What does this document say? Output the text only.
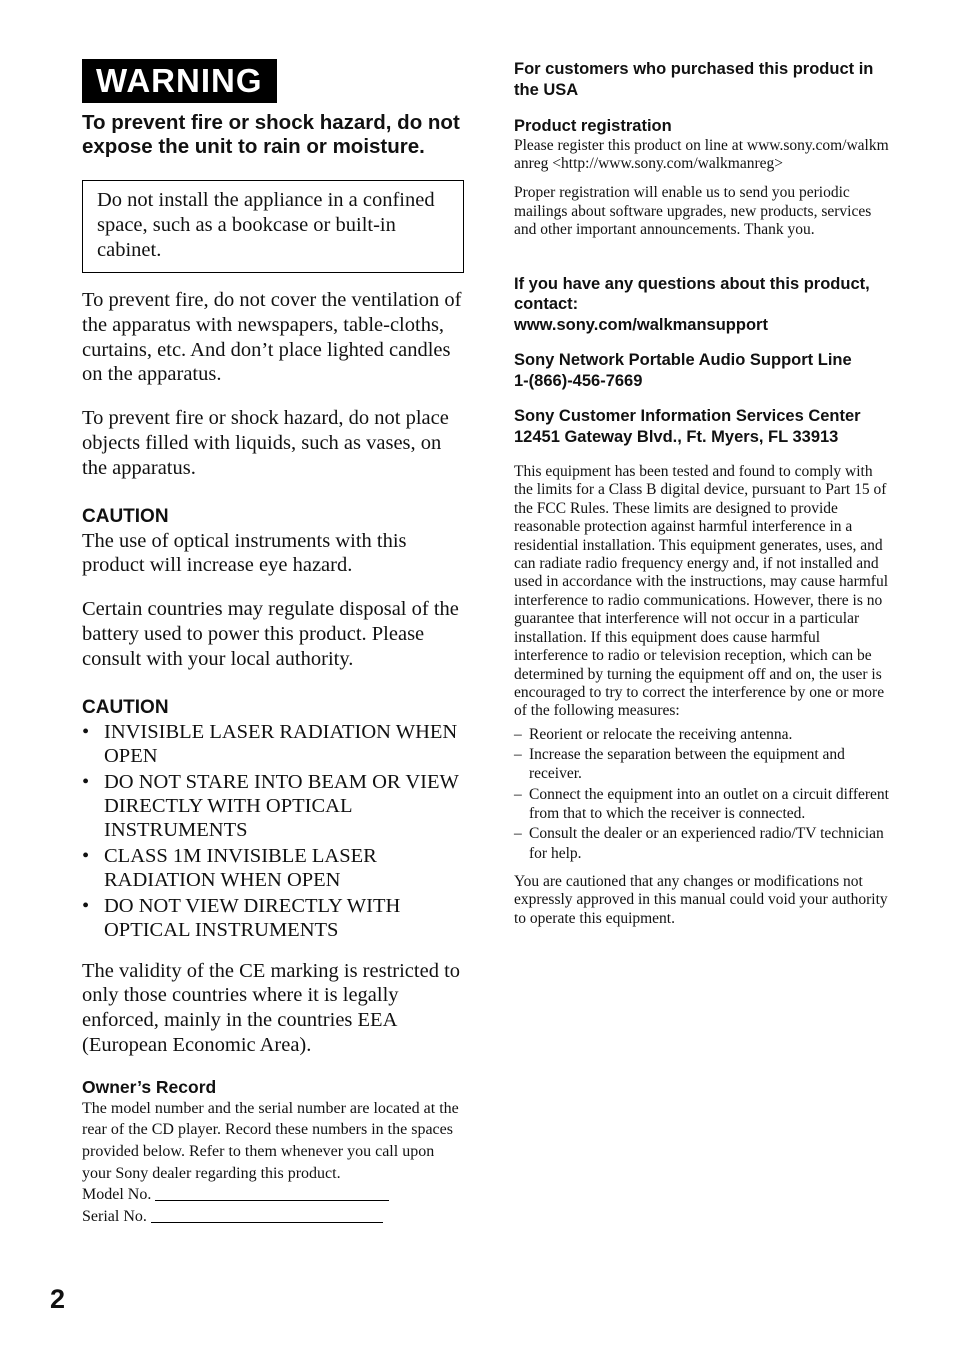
WARNING
To prevent fire or shock hazard, do not expose the unit to rain or moisture.
Do not install the appliance in a confined space, such as a bookcase or built-in cabinet.

To prevent fire, do not cover the ventilation of the apparatus with newspapers, table-cloths, curtains, etc. And don’t place lighted candles on the apparatus.

To prevent fire or shock hazard, do not place objects filled with liquids, such as vases, on the apparatus.

CAUTION

The use of optical instruments with this product will increase eye hazard.

Certain countries may regulate disposal of the battery used to power this product. Please consult with your local authority.

CAUTION

• INVISIBLE LASER RADIATION WHEN OPEN
• DO NOT STARE INTO BEAM OR VIEW DIRECTLY WITH OPTICAL INSTRUMENTS
• CLASS 1M INVISIBLE LASER RADIATION WHEN OPEN
• DO NOT VIEW DIRECTLY WITH OPTICAL INSTRUMENTS

The validity of the CE marking is restricted to only those countries where it is legally enforced, mainly in the countries EEA (European Economic Area).

Owner’s Record

The model number and the serial number are located at the rear of the CD player. Record these numbers in the spaces provided below. Refer to them whenever you call upon your Sony dealer regarding this product.

Model No.
Serial No.

For customers who purchased this product in the USA

Product registration

Please register this product on line at www.sony.com/walkmanreg <http://www.sony.com/walkmanreg>

Proper registration will enable us to send you periodic mailings about software upgrades, new products, services and other important announcements. Thank you.

If you have any questions about this product, contact:

www.sony.com/walkmansupport

Sony Network Portable Audio Support Line

1-(866)-456-7669

Sony Customer Information Services Center

12451 Gateway Blvd., Ft. Myers, FL 33913

This equipment has been tested and found to comply with the limits for a Class B digital device, pursuant to Part 15 of the FCC Rules. These limits are designed to provide reasonable protection against harmful interference in a residential installation. This equipment generates, uses, and can radiate radio frequency energy and, if not installed and used in accordance with the instructions, may cause harmful interference to radio communications. However, there is no guarantee that interference will not occur in a particular installation. If this equipment does cause harmful interference to radio or television reception, which can be determined by turning the equipment off and on, the user is encouraged to try to correct the interference by one or more of the following measures:

– Reorient or relocate the receiving antenna.
– Increase the separation between the equipment and receiver.
– Connect the equipment into an outlet on a circuit different from that to which the receiver is connected.
– Consult the dealer or an experienced radio/TV technician for help.

You are cautioned that any changes or modifications not expressly approved in this manual could void your authority to operate this equipment.

2
